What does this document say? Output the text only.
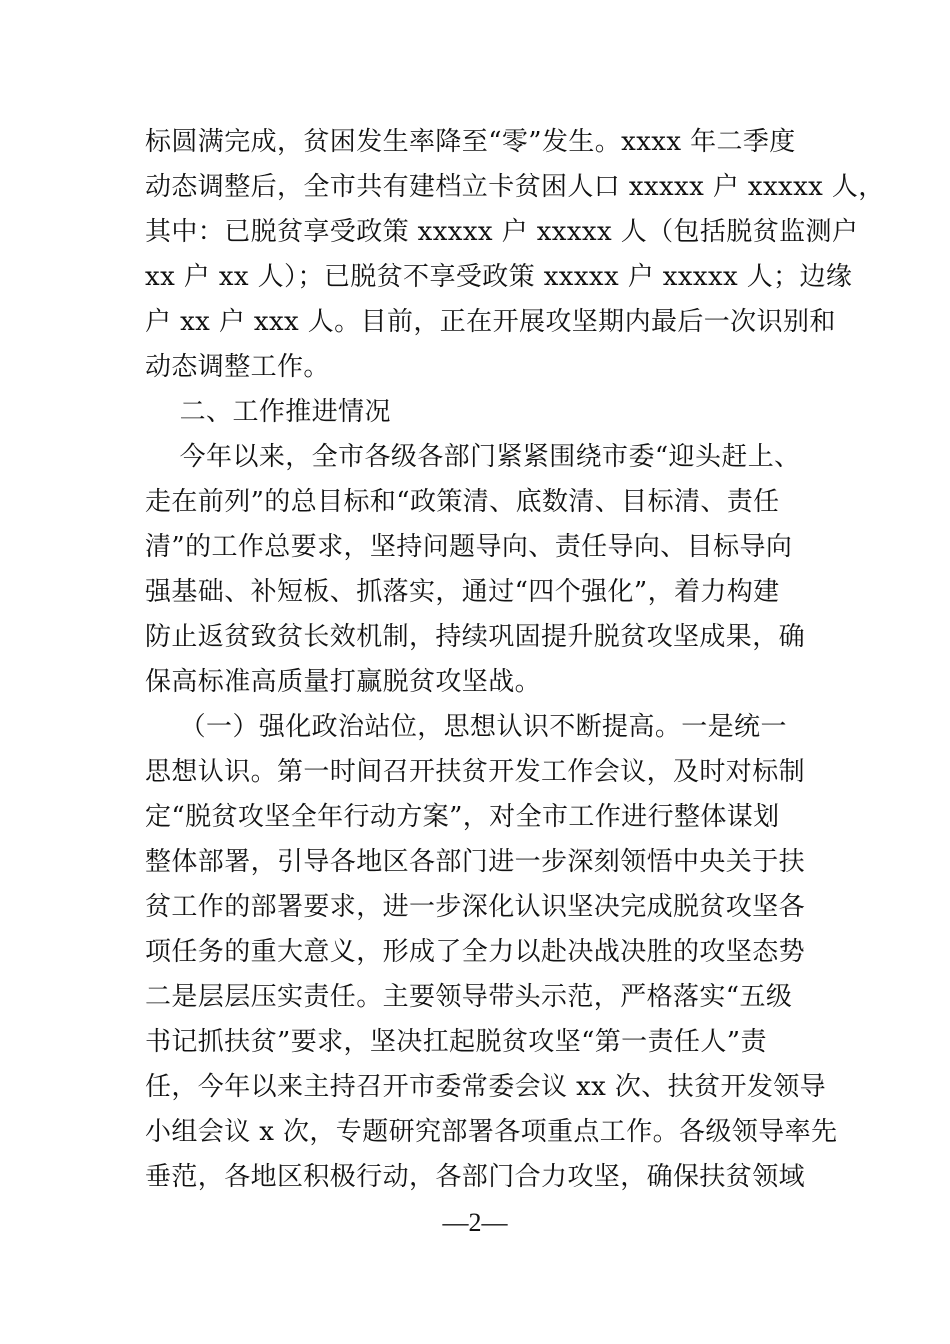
标圆满完成，贫困发生率降至“零”发生。xxxx 年二季度
动态调整后，全市共有建档立卡贫困人口 xxxxx 户 xxxxx 人，
其中：已脱贫享受政策 xxxxx 户 xxxxx 人（包括脱贫监测户
xx 户 xx 人）；已脱贫不享受政策 xxxxx 户 xxxxx 人；边缘
户 xx 户 xxx 人。目前，正在开展攻坚期内最后一次识别和
动态调整工作。
二、工作推进情况
今年以来，全市各级各部门紧紧围绕市委“迎头赶上、
走在前列”的总目标和“政策清、底数清、目标清、责任
清”的工作总要求，坚持问题导向、责任导向、目标导向
强基础、补短板、抓落实，通过“四个强化”，着力构建
防止返贫致贫长效机制，持续巩固提升脱贫攻坚成果，确
保高标准高质量打赢脱贫攻坚战。
（一）强化政治站位，思想认识不断提高。一是统一
思想认识。第一时间召开扶贫开发工作会议，及时对标制
定“脱贫攻坚全年行动方案”，对全市工作进行整体谋划
整体部署，引导各地区各部门进一步深刻领悟中央关于扶
贫工作的部署要求，进一步深化认识坚决完成脱贫攻坚各
项任务的重大意义，形成了全力以赴决战决胜的攻坚态势
二是层层压实责任。主要领导带头示范，严格落实“五级
书记抓扶贫”要求，坚决扛起脱贫攻坚“第一责任人”责
任，今年以来主持召开市委常委会议 xx 次、扶贫开发领导
小组会议 x 次，专题研究部署各项重点工作。各级领导率先
垂范，各地区积极行动，各部门合力攻坚，确保扶贫领域
—2—
